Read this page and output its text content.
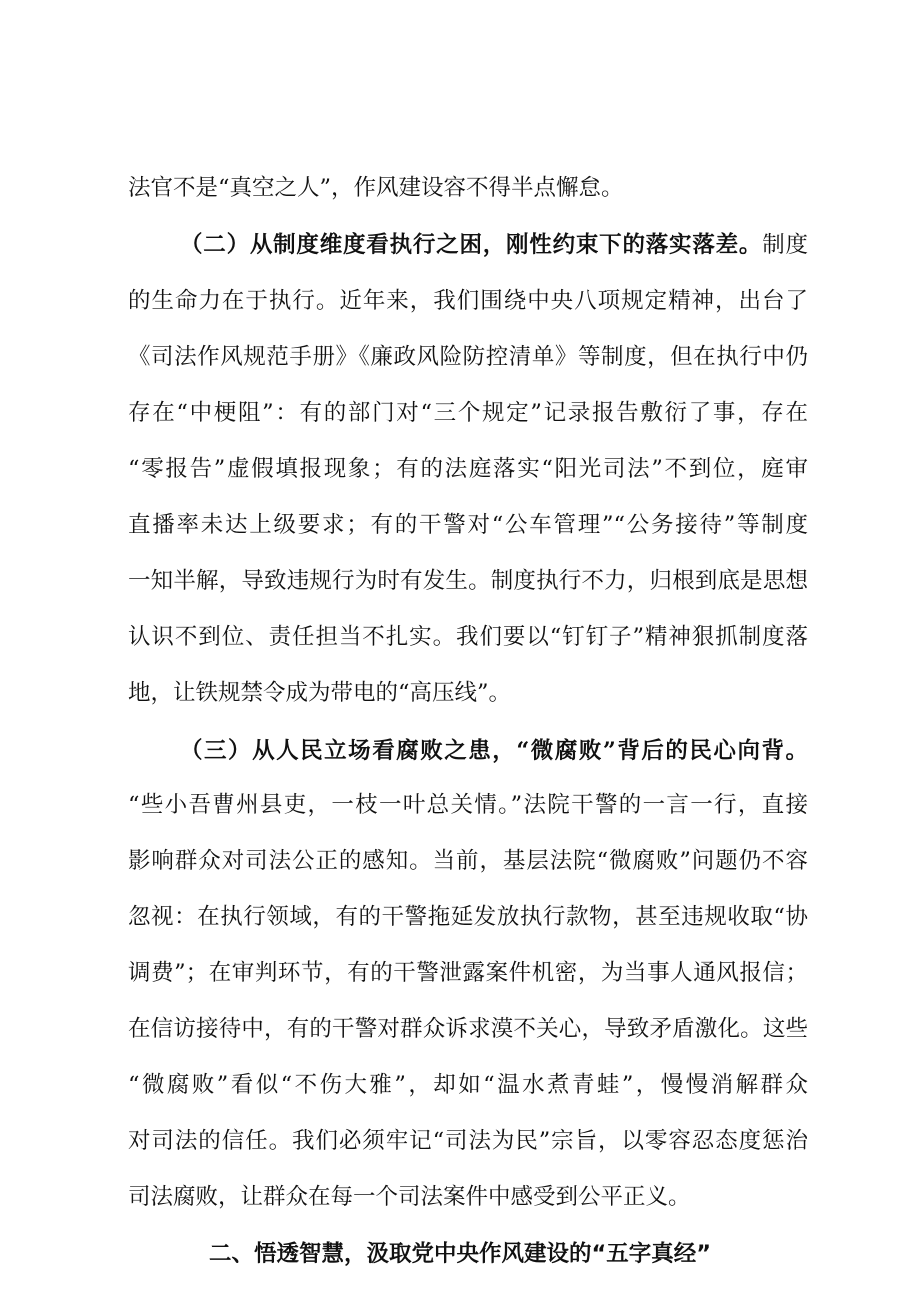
法官不是“真空之人”，作风建设容不得半点懈怠。
（二）从制度维度看执行之困，刚性约束下的落实落差。制度
的生命力在于执行。近年来，我们围绕中央八项规定精神，出台了
《司法作风规范手册》《廉政风险防控清单》等制度，但在执行中仍
存在“中梗阻”：有的部门对“三个规定”记录报告敷衍了事，存在
“零报告”虚假填报现象；有的法庭落实“阳光司法”不到位，庭审
直播率未达上级要求；有的干警对“公车管理”“公务接待”等制度
一知半解，导致违规行为时有发生。制度执行不力，归根到底是思想
认识不到位、责任担当不扎实。我们要以“钉钉子”精神狠抓制度落
地，让铁规禁令成为带电的“高压线”。
（三）从人民立场看腐败之患，“微腐败”背后的民心向背。
“些小吾曹州县吏，一枝一叶总关情。”法院干警的一言一行，直接
影响群众对司法公正的感知。当前，基层法院“微腐败”问题仍不容
忽视：在执行领域，有的干警拖延发放执行款物，甚至违规收取“协
调费”；在审判环节，有的干警泄露案件机密，为当事人通风报信；
在信访接待中，有的干警对群众诉求漠不关心，导致矛盾激化。这些
“微腐败”看似“不伤大雅”，却如“温水煮青蛙”，慢慢消解群众
对司法的信任。我们必须牢记“司法为民”宗旨，以零容忍态度惩治
司法腐败，让群众在每一个司法案件中感受到公平正义。
二、悟透智慧，汲取党中央作风建设的“五字真经”
